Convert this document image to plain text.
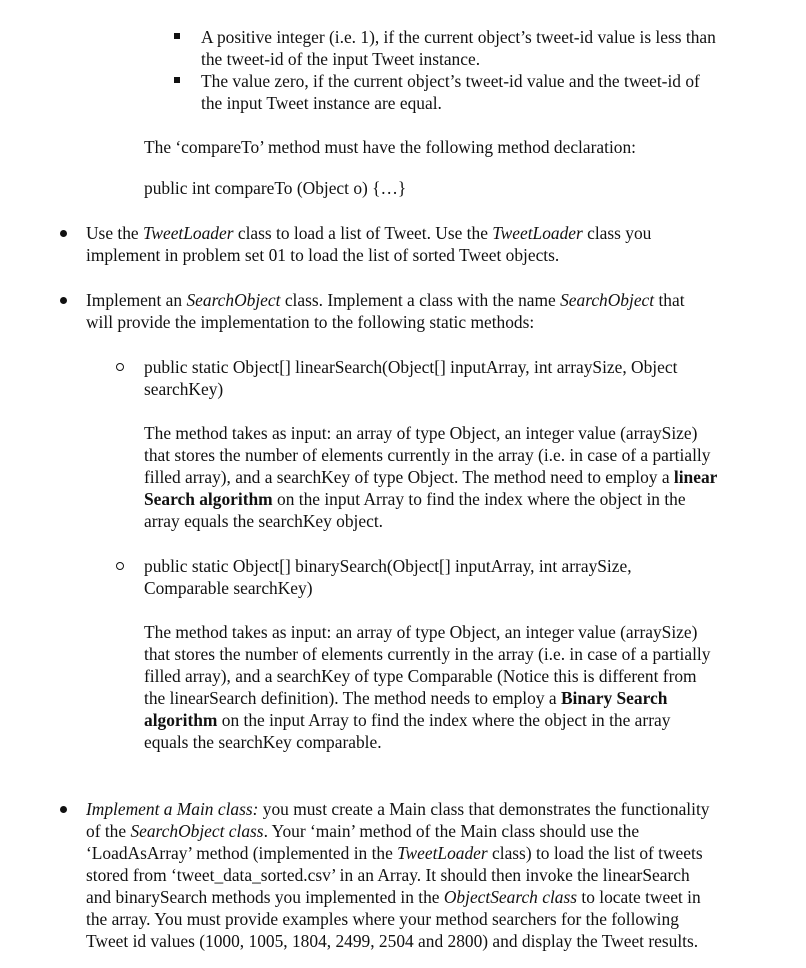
A positive integer (i.e. 1), if the current object’s tweet-id value is less than
the tweet-id of the input Tweet instance.

The value zero, if the current object’s tweet-id value and the tweet-id of
the input Tweet instance are equal.

The ‘compareTo’ method must have the following method declaration:

public int compareTo (Object o) {…}

Use the TweetLoader class to load a list of Tweet. Use the TweetLoader class you
implement in problem set 01 to load the list of sorted Tweet objects.

Implement an SearchObject class. Implement a class with the name SearchObject that
will provide the implementation to the following static methods:

public static Object[] linearSearch(Object[] inputArray, int arraySize, Object
searchKey)

The method takes as input: an array of type Object, an integer value (arraySize)
that stores the number of elements currently in the array (i.e. in case of a partially
filled array), and a searchKey of type Object. The method need to employ a linear
Search algorithm on the input Array to find the index where the object in the
array equals the searchKey object.

public static Object[] binarySearch(Object[] inputArray, int arraySize,
Comparable searchKey)

The method takes as input: an array of type Object, an integer value (arraySize)
that stores the number of elements currently in the array (i.e. in case of a partially
filled array), and a searchKey of type Comparable (Notice this is different from
the linearSearch definition). The method needs to employ a Binary Search
algorithm on the input Array to find the index where the object in the array
equals the searchKey comparable.

Implement a Main class: you must create a Main class that demonstrates the functionality
of the SearchObject class. Your ‘main’ method of the Main class should use the
‘LoadAsArray’ method (implemented in the TweetLoader class) to load the list of tweets
stored from ‘tweet_data_sorted.csv’ in an Array. It should then invoke the linearSearch
and binarySearch methods you implemented in the ObjectSearch class to locate tweet in
the array. You must provide examples where your method searchers for the following
Tweet id values (1000, 1005, 1804, 2499, 2504 and 2800) and display the Tweet results.
